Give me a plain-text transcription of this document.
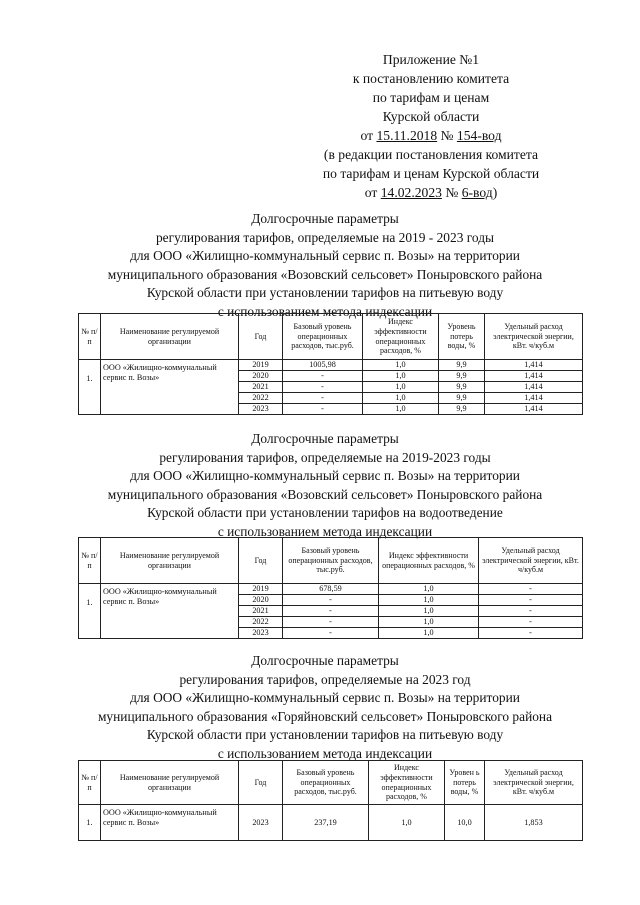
Приложение №1
к постановлению комитета
по тарифам и ценам
Курской области
от 15.11.2018 № 154-вод
(в редакции постановления комитета
по тарифам и ценам Курской области
от 14.02.2023 № 6-вод)
Долгосрочные параметры
регулирования тарифов, определяемые на 2019 - 2023 годы
для ООО «Жилищно-коммунальный сервис п. Возы» на территории
муниципального образования «Возовский сельсовет» Поныровского района
Курской области при установлении тарифов на питьевую воду
с использованием метода индексации
№ п/п	Наименование регулируемой организации	Год	Базовый уровень операционных расходов, тыс.руб.	Индекс эффективности операционных расходов, %	Уровень потерь воды, %	Удельный расход электрической энергии, кВт. ч/куб.м
1.	ООО «Жилищно-коммунальный сервис п. Возы»	2019	1005,98	1,0	9,9	1,414
		2020	-	1,0	9,9	1,414
		2021	-	1,0	9,9	1,414
		2022	-	1,0	9,9	1,414
		2023	-	1,0	9,9	1,414
Долгосрочные параметры
регулирования тарифов, определяемые на 2019-2023 годы
для ООО «Жилищно-коммунальный сервис п. Возы» на территории
муниципального образования «Возовский сельсовет» Поныровского района
Курской области при установлении тарифов на водоотведение
с использованием метода индексации
№ п/ п	Наименование регулируемой организации	Год	Базовый уровень операционных расходов, тыс.руб.	Индекс эффективности операционных расходов, %	Удельный расход электрической энергии, кВт. ч/куб.м
1.	ООО «Жилищно-коммунальный сервис п. Возы»	2019	678,59	1,0	-
		2020	-	1,0	-
		2021	-	1,0	-
		2022	-	1,0	-
		2023	-	1,0	-
Долгосрочные параметры
регулирования тарифов, определяемые на 2023 год
для ООО «Жилищно-коммунальный сервис п. Возы» на территории
муниципального образования «Горяйновский сельсовет» Поныровского района
Курской области при установлении тарифов на питьевую воду
с использованием метода индексации
№ п/ п	Наименование регулируемой организации	Год	Базовый уровень операционных расходов, тыс.руб.	Индекс эффективности операционных расходов, %	Уровен ь потерь воды, %	Удельный расход электрической энергии, кВт. ч/куб.м
1.	ООО «Жилищно-коммунальный сервис п. Возы»	2023	237,19	1,0	10,0	1,853
